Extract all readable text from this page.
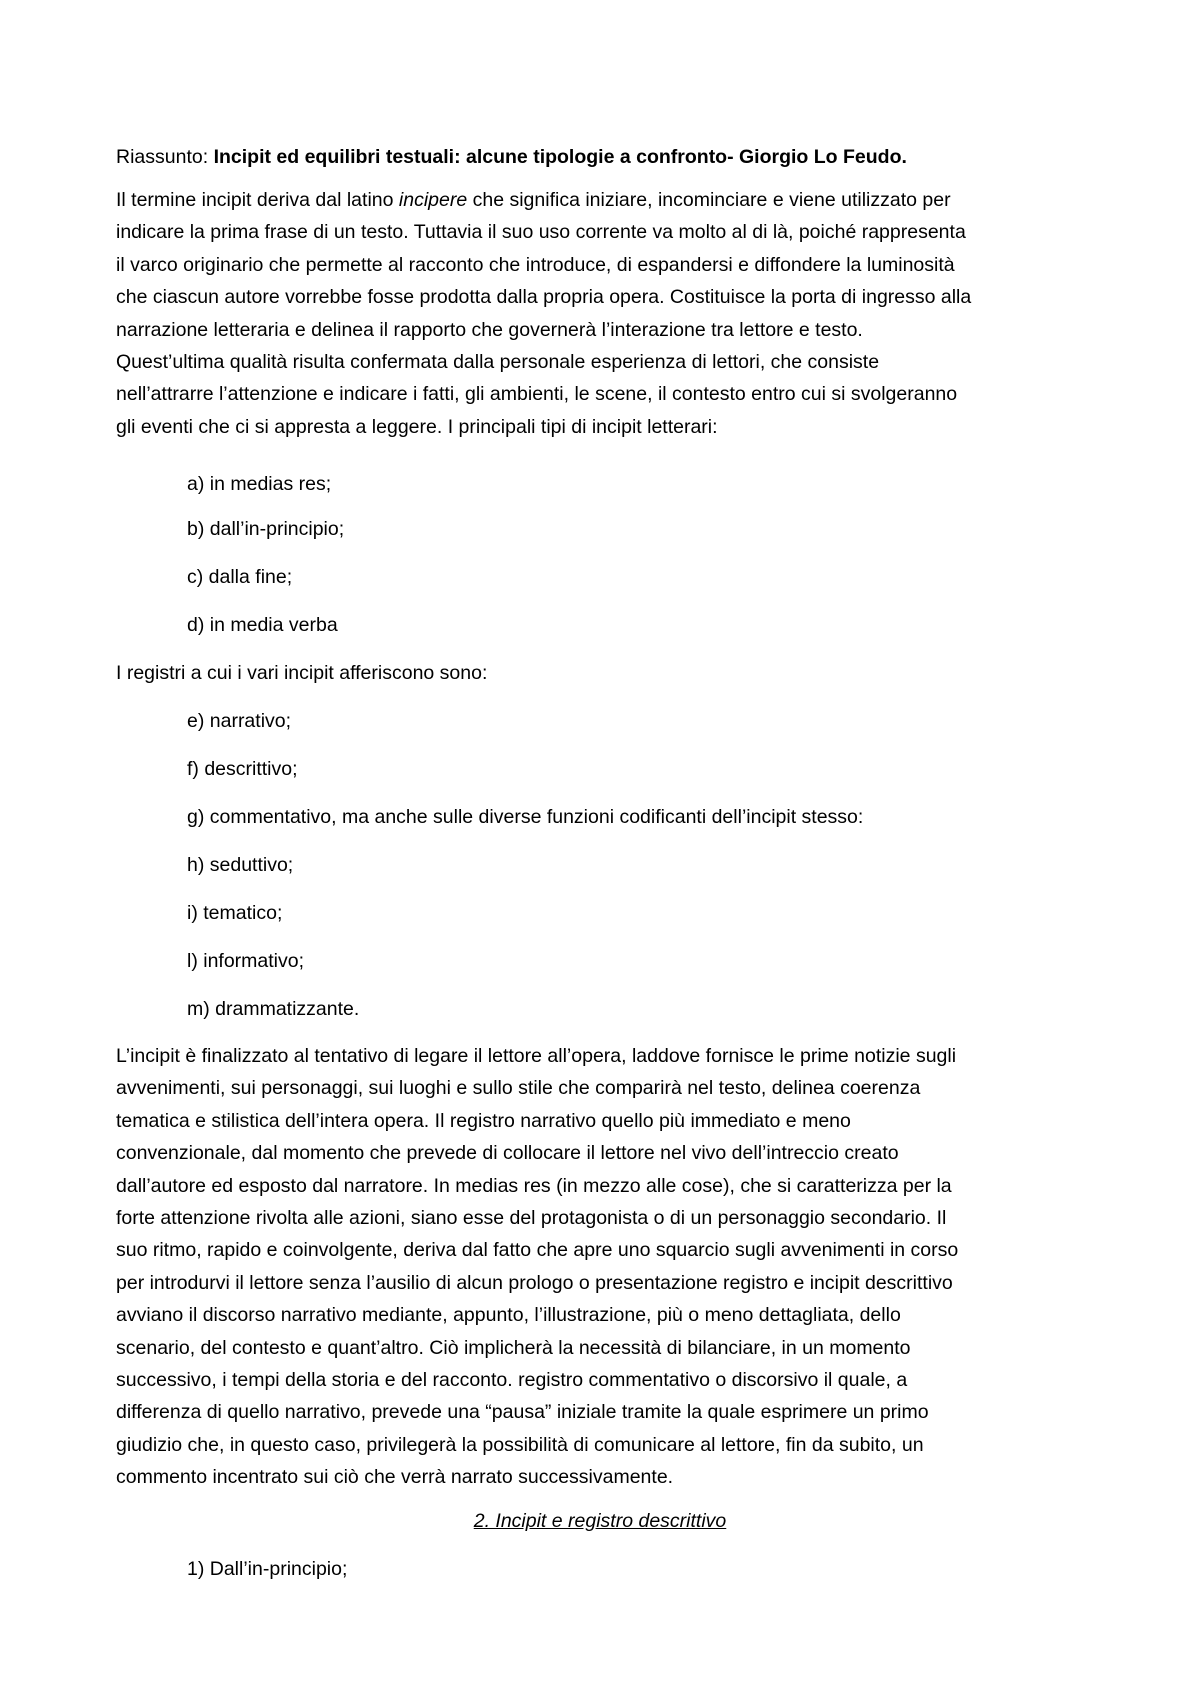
Riassunto: Incipit ed equilibri testuali: alcune tipologie a confronto- Giorgio Lo Feudo.
Il termine incipit deriva dal latino incipere che significa iniziare, incominciare e viene utilizzato per
indicare la prima frase di un testo. Tuttavia il suo uso corrente va molto al di là, poiché rappresenta
il varco originario che permette al racconto che introduce, di espandersi e diffondere la luminosità
che ciascun autore vorrebbe fosse prodotta dalla propria opera. Costituisce la porta di ingresso alla
narrazione letteraria e delinea il rapporto che governerà l’interazione tra lettore e testo.
Quest’ultima qualità risulta confermata dalla personale esperienza di lettori, che consiste
nell’attrarre l’attenzione e indicare i fatti, gli ambienti, le scene, il contesto entro cui si svolgeranno
gli eventi che ci si appresta a leggere. I principali tipi di incipit letterari:
a) in medias res;
b) dall’in-principio;
c) dalla fine;
d) in media verba
I registri a cui i vari incipit afferiscono sono:
e) narrativo;
f) descrittivo;
g) commentativo, ma anche sulle diverse funzioni codificanti dell’incipit stesso:
h) seduttivo;
i) tematico;
l) informativo;
m) drammatizzante.
L’incipit è finalizzato al tentativo di legare il lettore all’opera, laddove fornisce le prime notizie sugli
avvenimenti, sui personaggi, sui luoghi e sullo stile che comparirà nel testo, delinea coerenza
tematica e stilistica dell’intera opera. Il registro narrativo quello più immediato e meno
convenzionale, dal momento che prevede di collocare il lettore nel vivo dell’intreccio creato
dall’autore ed esposto dal narratore. In medias res (in mezzo alle cose), che si caratterizza per la
forte attenzione rivolta alle azioni, siano esse del protagonista o di un personaggio secondario. Il
suo ritmo, rapido e coinvolgente, deriva dal fatto che apre uno squarcio sugli avvenimenti in corso
per introdurvi il lettore senza l’ausilio di alcun prologo o presentazione registro e incipit descrittivo
avviano il discorso narrativo mediante, appunto, l’illustrazione, più o meno dettagliata, dello
scenario, del contesto e quant’altro. Ciò implicherà la necessità di bilanciare, in un momento
successivo, i tempi della storia e del racconto. registro commentativo o discorsivo il quale, a
differenza di quello narrativo, prevede una “pausa” iniziale tramite la quale esprimere un primo
giudizio che, in questo caso, privilegerà la possibilità di comunicare al lettore, fin da subito, un
commento incentrato sui ciò che verrà narrato successivamente.
2. Incipit e registro descrittivo
1) Dall’in-principio;
